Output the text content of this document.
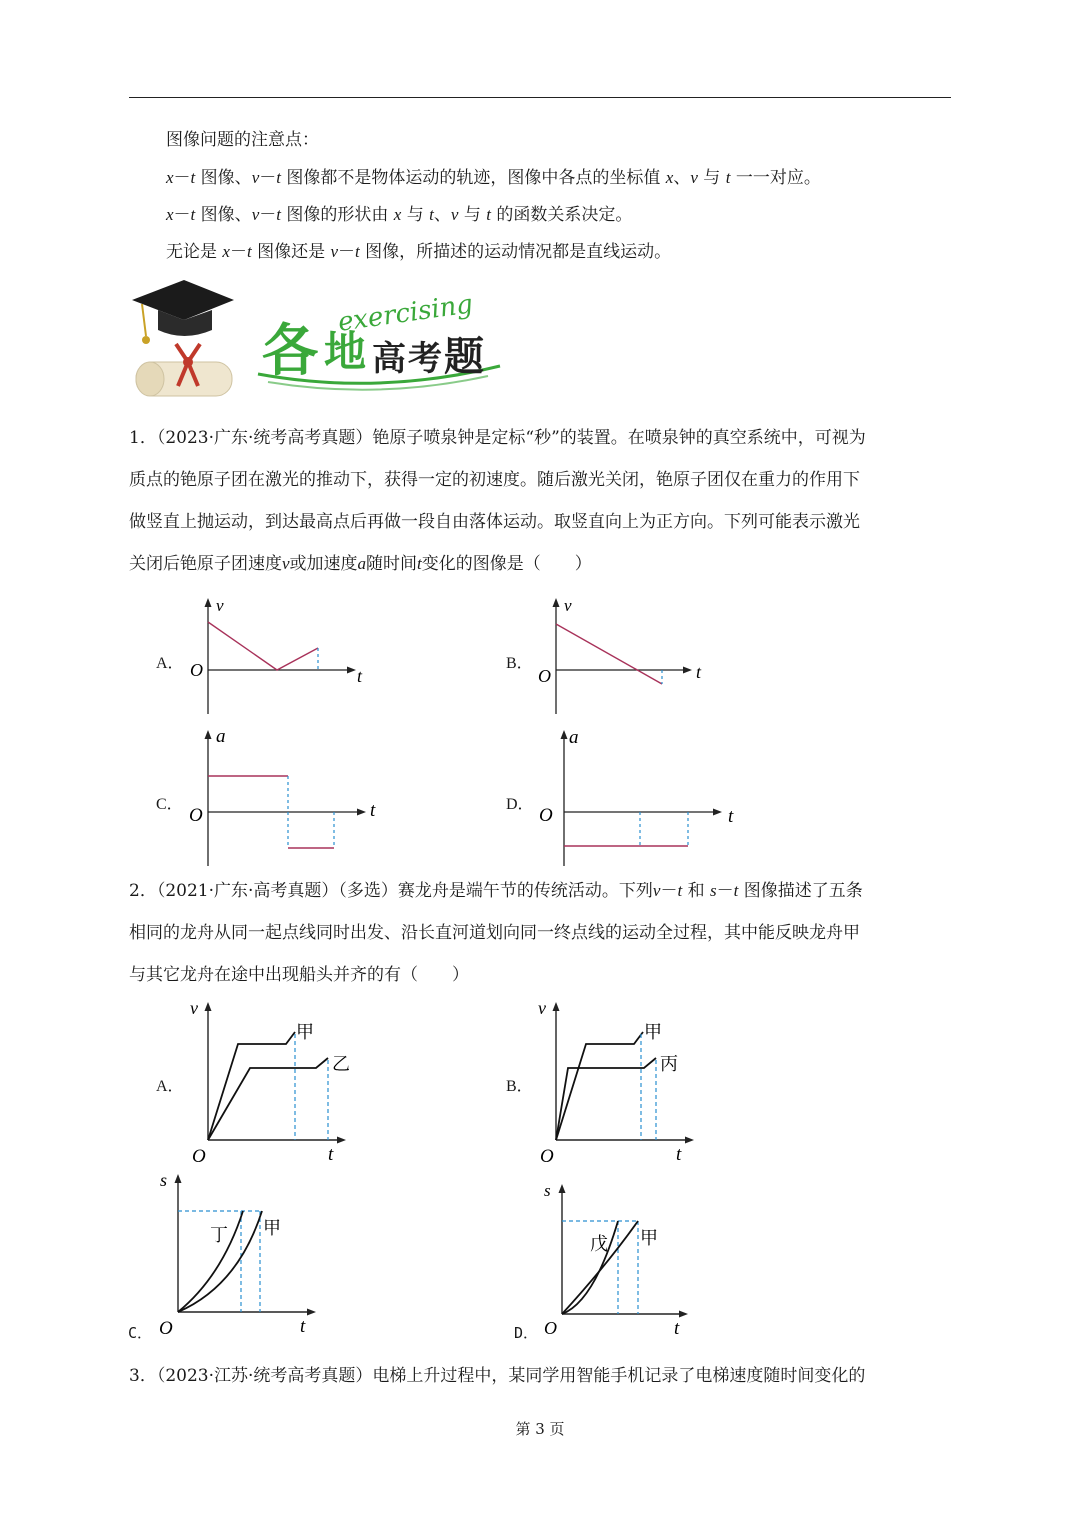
图像问题的注意点：
x－t 图像、v－t 图像都不是物体运动的轨迹，图像中各点的坐标值 x、v 与 t 一一对应。
x－t 图像、v－t 图像的形状由 x 与 t、v 与 t 的函数关系决定。
无论是 x－t 图像还是 v－t 图像，所描述的运动情况都是直线运动。
exercising
各 地 高 考 题
1．（2023·广东·统考高考真题）铯原子喷泉钟是定标“秒”的装置。在喷泉钟的真空系统中，可视为
质点的铯原子团在激光的推动下，获得一定的初速度。随后激光关闭，铯原子团仅在重力的作用下
做竖直上抛运动，到达最高点后再做一段自由落体运动。取竖直向上为正方向。下列可能表示激光
关闭后铯原子团速度v或加速度a随时间t变化的图像是（　　）
A．	B．
C．	D．
v
O	t
v
O	t
a
O	t
a
O	t
2．（2021·广东·高考真题）（多选）赛龙舟是端午节的传统活动。下列v－t 和 s－t 图像描述了五条
相同的龙舟从同一起点线同时出发、沿长直河道划向同一终点线的运动全过程，其中能反映龙舟甲
与其它龙舟在途中出现船头并齐的有（　　）
A．	B．
C．	D．
v
O	t
甲
乙
v
O	t
甲
丙
s
O	t
丁 甲
s
O	t
戊 甲
3．（2023·江苏·统考高考真题）电梯上升过程中，某同学用智能手机记录了电梯速度随时间变化的
第 3 页
